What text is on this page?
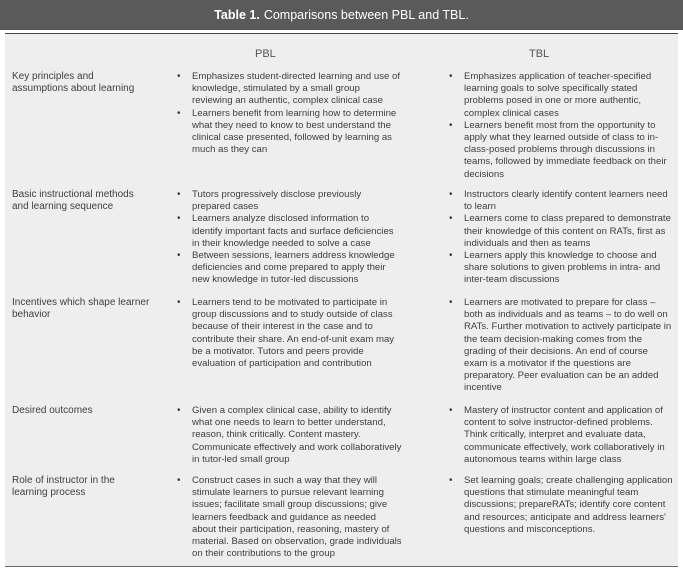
Table 1. Comparisons between PBL and TBL.
PBL	TBL
Key principles and assumptions about learning
• Emphasizes student-directed learning and use of knowledge, stimulated by a small group reviewing an authentic, complex clinical case
• Learners benefit from learning how to determine what they need to know to best understand the clinical case presented, followed by learning as much as they can
• Emphasizes application of teacher-specified learning goals to solve specifically stated problems posed in one or more authentic, complex clinical cases
• Learners benefit most from the opportunity to apply what they learned outside of class to in-class-posed problems through discussions in teams, followed by immediate feedback on their decisions
Basic instructional methods and learning sequence
• Tutors progressively disclose previously prepared cases
• Learners analyze disclosed information to identify important facts and surface deficiencies in their knowledge needed to solve a case
• Between sessions, learners address knowledge deficiencies and come prepared to apply their new knowledge in tutor-led discussions
• Instructors clearly identify content learners need to learn
• Learners come to class prepared to demonstrate their knowledge of this content on RATs, first as individuals and then as teams
• Learners apply this knowledge to choose and share solutions to given problems in intra- and inter-team discussions
Incentives which shape learner behavior
• Learners tend to be motivated to participate in group discussions and to study outside of class because of their interest in the case and to contribute their share. An end-of-unit exam may be a motivator. Tutors and peers provide evaluation of participation and contribution
• Learners are motivated to prepare for class – both as individuals and as teams – to do well on RATs. Further motivation to actively participate in the team decision-making comes from the grading of their decisions. An end of course exam is a motivator if the questions are preparatory. Peer evaluation can be an added incentive
Desired outcomes
•	Given a complex clinical case, ability to identify what one needs to learn to better understand, reason, think critically. Content mastery. Communicate effectively and work collaboratively in tutor-led small group
• Mastery of instructor content and application of content to solve instructor-defined problems. Think critically, interpret and evaluate data, communicate effectively, work collaboratively in autonomous teams within large class
Role of instructor in the learning process
• Construct cases in such a way that they will stimulate learners to pursue relevant learning issues; facilitate small group discussions; give learners feedback and guidance as needed about their participation, reasoning, mastery of material. Based on observation, grade individuals on their contributions to the group
• Set learning goals; create challenging application questions that stimulate meaningful team discussions; prepareRATs; identify core content and resources; anticipate and address learners' questions and misconceptions.
